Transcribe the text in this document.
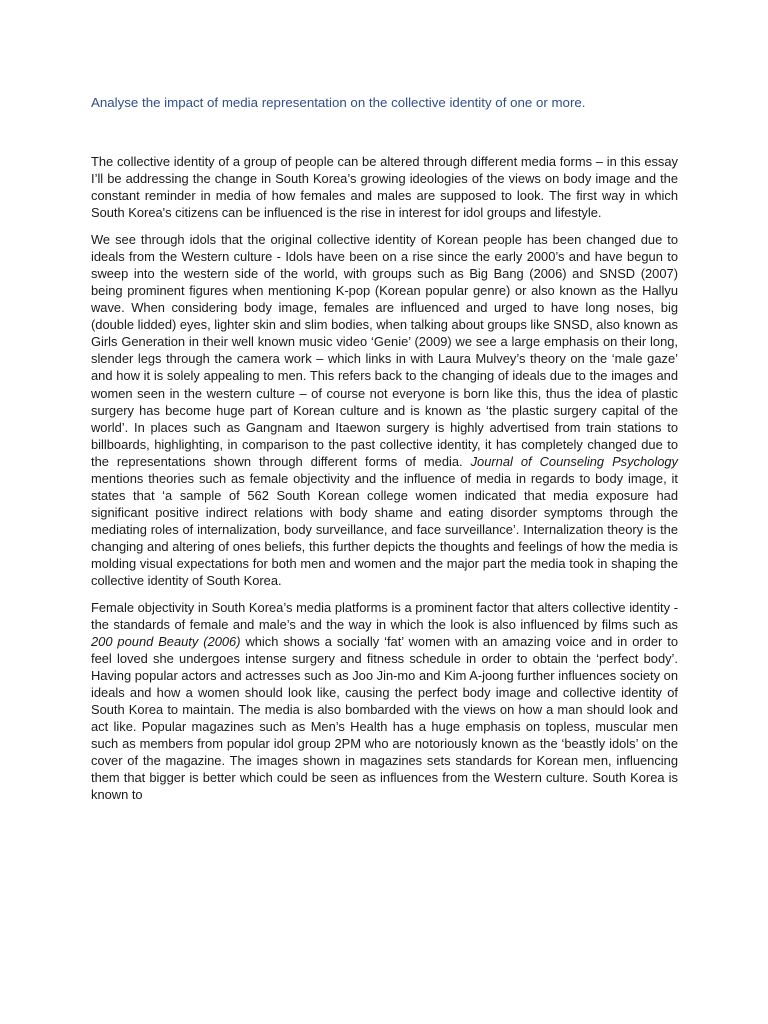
Analyse the impact of media representation on the collective identity of one or more.

The collective identity of a group of people can be altered through different media forms – in this essay I’ll be addressing the change in South Korea’s growing ideologies of the views on body image and the constant reminder in media of how females and males are supposed to look. The first way in which South Korea's citizens can be influenced is the rise in interest for idol groups and lifestyle.

We see through idols that the original collective identity of Korean people has been changed due to ideals from the Western culture - Idols have been on a rise since the early 2000’s and have begun to sweep into the western side of the world, with groups such as Big Bang (2006) and SNSD (2007) being prominent figures when mentioning K-pop (Korean popular genre) or also known as the Hallyu wave. When considering body image, females are influenced and urged to have long noses, big (double lidded) eyes, lighter skin and slim bodies, when talking about groups like SNSD, also known as Girls Generation in their well known music video ‘Genie’ (2009) we see a large emphasis on their long, slender legs through the camera work – which links in with Laura Mulvey’s theory on the ‘male gaze’ and how it is solely appealing to men. This refers back to the changing of ideals due to the images and women seen in the western culture – of course not everyone is born like this, thus the idea of plastic surgery has become huge part of Korean culture and is known as ‘the plastic surgery capital of the world’. In places such as Gangnam and Itaewon surgery is highly advertised from train stations to billboards, highlighting, in comparison to the past collective identity, it has completely changed due to the representations shown through different forms of media. Journal of Counseling Psychology mentions theories such as female objectivity and the influence of media in regards to body image, it states that ‘a sample of 562 South Korean college women indicated that media exposure had significant positive indirect relations with body shame and eating disorder symptoms through the mediating roles of internalization, body surveillance, and face surveillance’. Internalization theory is the changing and altering of ones beliefs, this further depicts the thoughts and feelings of how the media is molding visual expectations for both men and women and the major part the media took in shaping the collective identity of South Korea.

Female objectivity in South Korea’s media platforms is a prominent factor that alters collective identity - the standards of female and male’s and the way in which the look is also influenced by films such as 200 pound Beauty (2006) which shows a socially ‘fat’ women with an amazing voice and in order to feel loved she undergoes intense surgery and fitness schedule in order to obtain the ‘perfect body’. Having popular actors and actresses such as Joo Jin-mo and Kim A-joong further influences society on ideals and how a women should look like, causing the perfect body image and collective identity of South Korea to maintain. The media is also bombarded with the views on how a man should look and act like. Popular magazines such as Men’s Health has a huge emphasis on topless, muscular men such as members from popular idol group 2PM who are notoriously known as the ‘beastly idols’ on the cover of the magazine. The images shown in magazines sets standards for Korean men, influencing them that bigger is better which could be seen as influences from the Western culture. South Korea is known to
